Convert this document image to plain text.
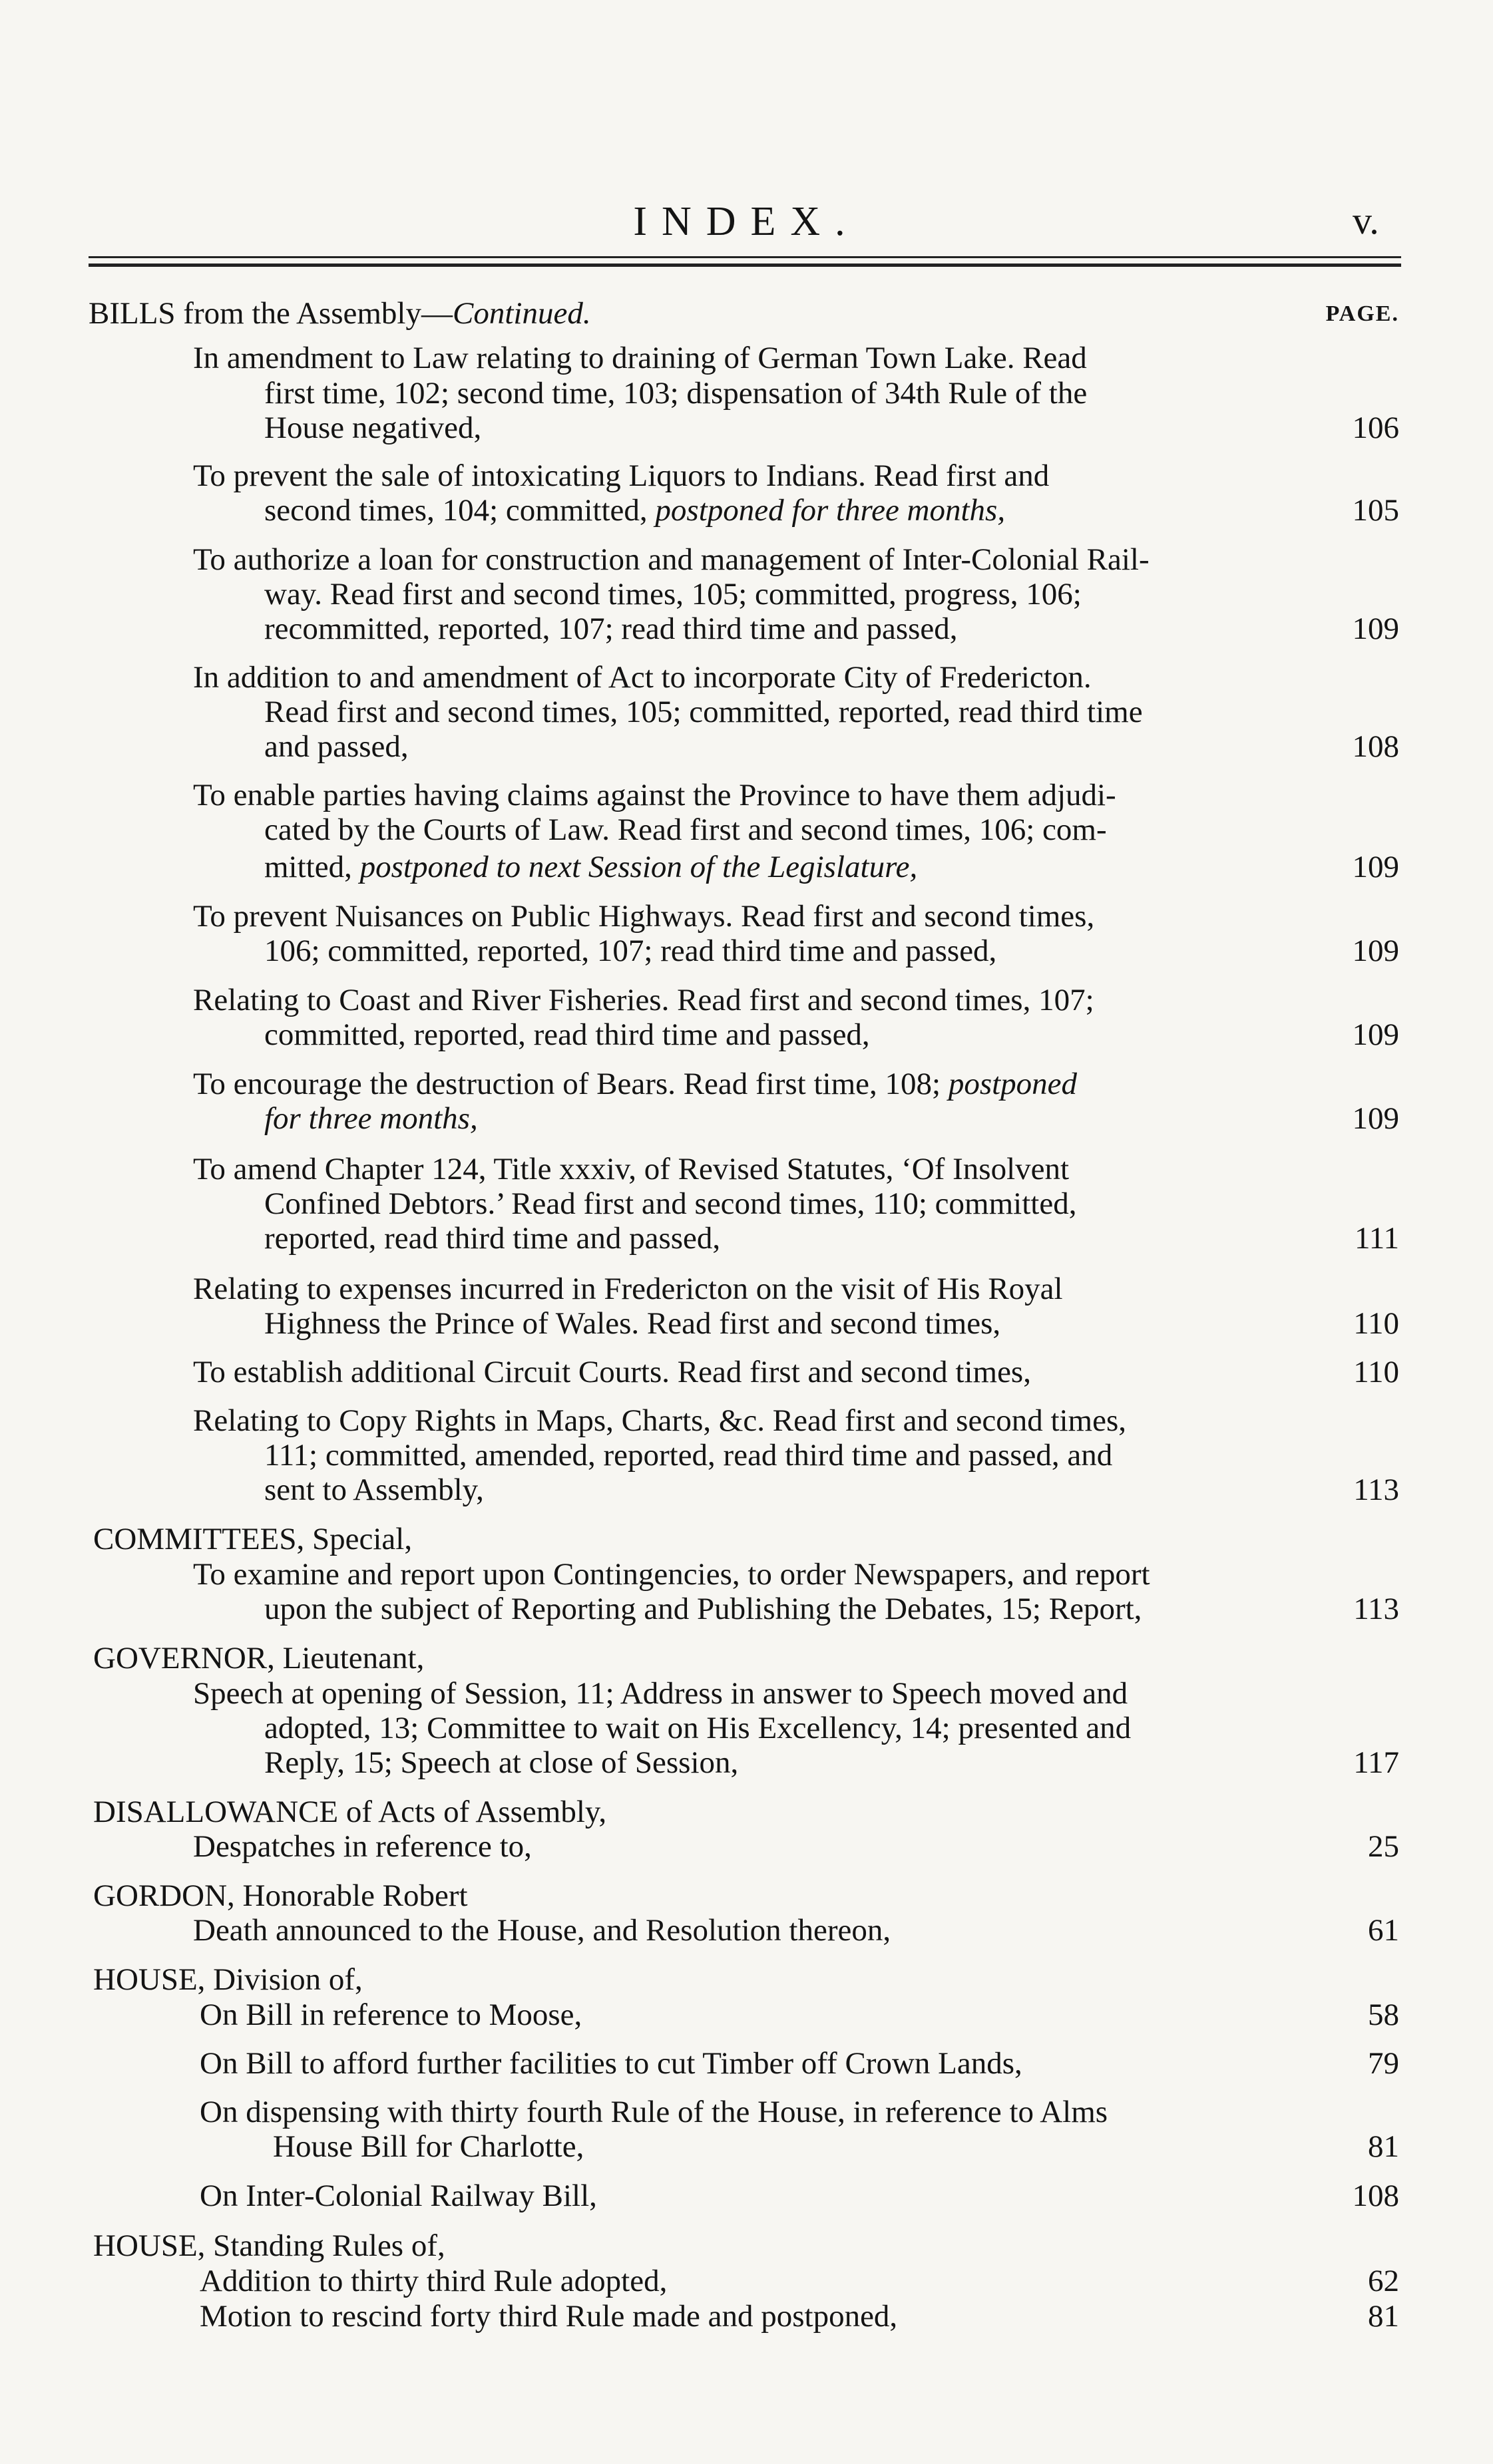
INDEX.	v.
PAGE.
BILLS from the Assembly—Continued.
In amendment to Law relating to draining of German Town Lake. Read
first time, 102; second time, 103; dispensation of 34th Rule of the
House negatived,	106
To prevent the sale of intoxicating Liquors to Indians. Read first and
second times, 104; committed, postponed for three months,	105
To authorize a loan for construction and management of Inter-Colonial Rail-
way. Read first and second times, 105; committed, progress, 106;
recommitted, reported, 107; read third time and passed,	109
In addition to and amendment of Act to incorporate City of Fredericton.
Read first and second times, 105; committed, reported, read third time
and passed,	108
To enable parties having claims against the Province to have them adjudi-
cated by the Courts of Law. Read first and second times, 106; com-
mitted, postponed to next Session of the Legislature,	109
To prevent Nuisances on Public Highways. Read first and second times,
106; committed, reported, 107; read third time and passed,	109
Relating to Coast and River Fisheries. Read first and second times, 107;
committed, reported, read third time and passed,	109
To encourage the destruction of Bears. Read first time, 108; postponed
for three months,	109
To amend Chapter 124, Title xxxiv, of Revised Statutes, ‘Of Insolvent
Confined Debtors.’ Read first and second times, 110; committed,
reported, read third time and passed,	111
Relating to expenses incurred in Fredericton on the visit of His Royal
Highness the Prince of Wales. Read first and second times,	110
To establish additional Circuit Courts. Read first and second times,	110
Relating to Copy Rights in Maps, Charts, &c. Read first and second times,
111; committed, amended, reported, read third time and passed, and
sent to Assembly,	113
COMMITTEES, Special,
To examine and report upon Contingencies, to order Newspapers, and report
upon the subject of Reporting and Publishing the Debates, 15; Report,	113
GOVERNOR, Lieutenant,
Speech at opening of Session, 11; Address in answer to Speech moved and
adopted, 13; Committee to wait on His Excellency, 14; presented and
Reply, 15; Speech at close of Session,	117
DISALLOWANCE of Acts of Assembly,
Despatches in reference to,	25
GORDON, Honorable Robert
Death announced to the House, and Resolution thereon,	61
HOUSE, Division of,
On Bill in reference to Moose,	58
On Bill to afford further facilities to cut Timber off Crown Lands,	79
On dispensing with thirty fourth Rule of the House, in reference to Alms
House Bill for Charlotte,	81
On Inter-Colonial Railway Bill,	108
HOUSE, Standing Rules of,
Addition to thirty third Rule adopted,	62
Motion to rescind forty third Rule made and postponed,	81
